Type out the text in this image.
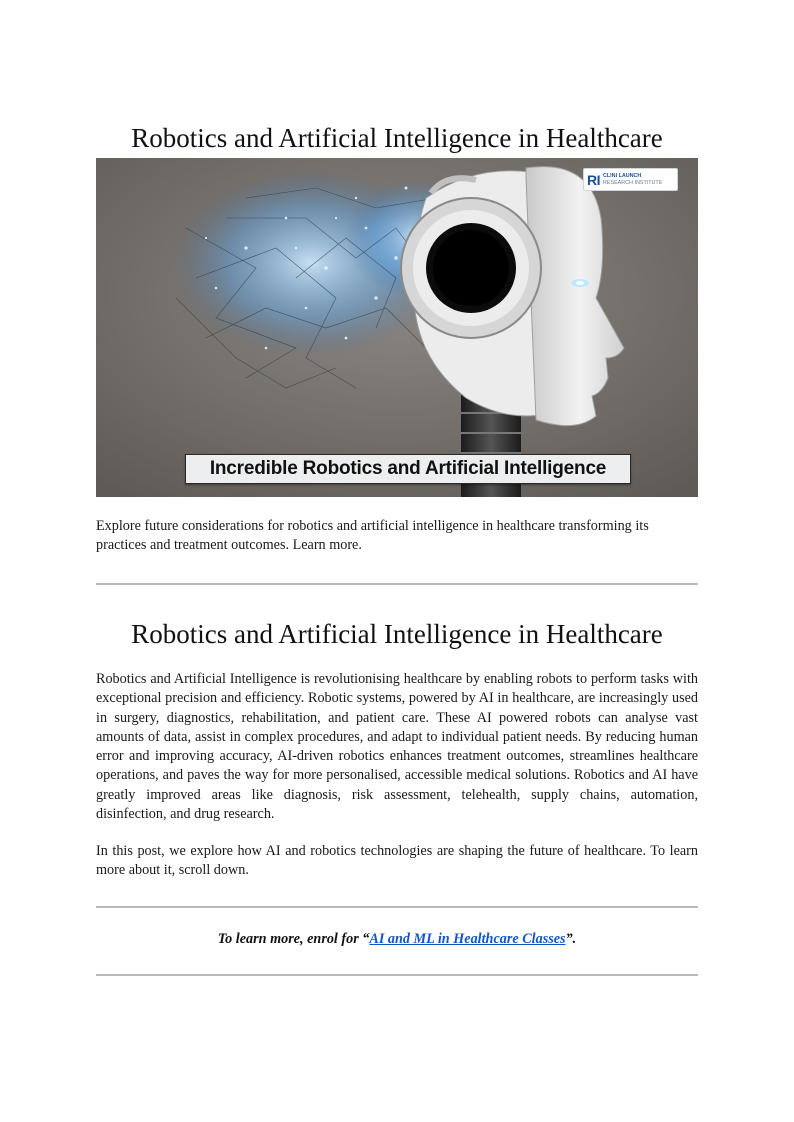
Robotics and Artificial Intelligence in Healthcare
RI CLINI LAUNCH
RESEARCH INSTITUTE
Incredible Robotics and Artificial Intelligence

Explore future considerations for robotics and artificial intelligence in healthcare transforming its practices and treatment outcomes. Learn more.

Robotics and Artificial Intelligence in Healthcare

Robotics and Artificial Intelligence is revolutionising healthcare by enabling robots to perform tasks with exceptional precision and efficiency. Robotic systems, powered by AI in healthcare, are increasingly used in surgery, diagnostics, rehabilitation, and patient care. These AI powered robots can analyse vast amounts of data, assist in complex procedures, and adapt to individual patient needs. By reducing human error and improving accuracy, AI-driven robotics enhances treatment outcomes, streamlines healthcare operations, and paves the way for more personalised, accessible medical solutions. Robotics and AI have greatly improved areas like diagnosis, risk assessment, telehealth, supply chains, automation, disinfection, and drug research.

In this post, we explore how AI and robotics technologies are shaping the future of healthcare. To learn more about it, scroll down.

To learn more, enrol for “AI and ML in Healthcare Classes”.
